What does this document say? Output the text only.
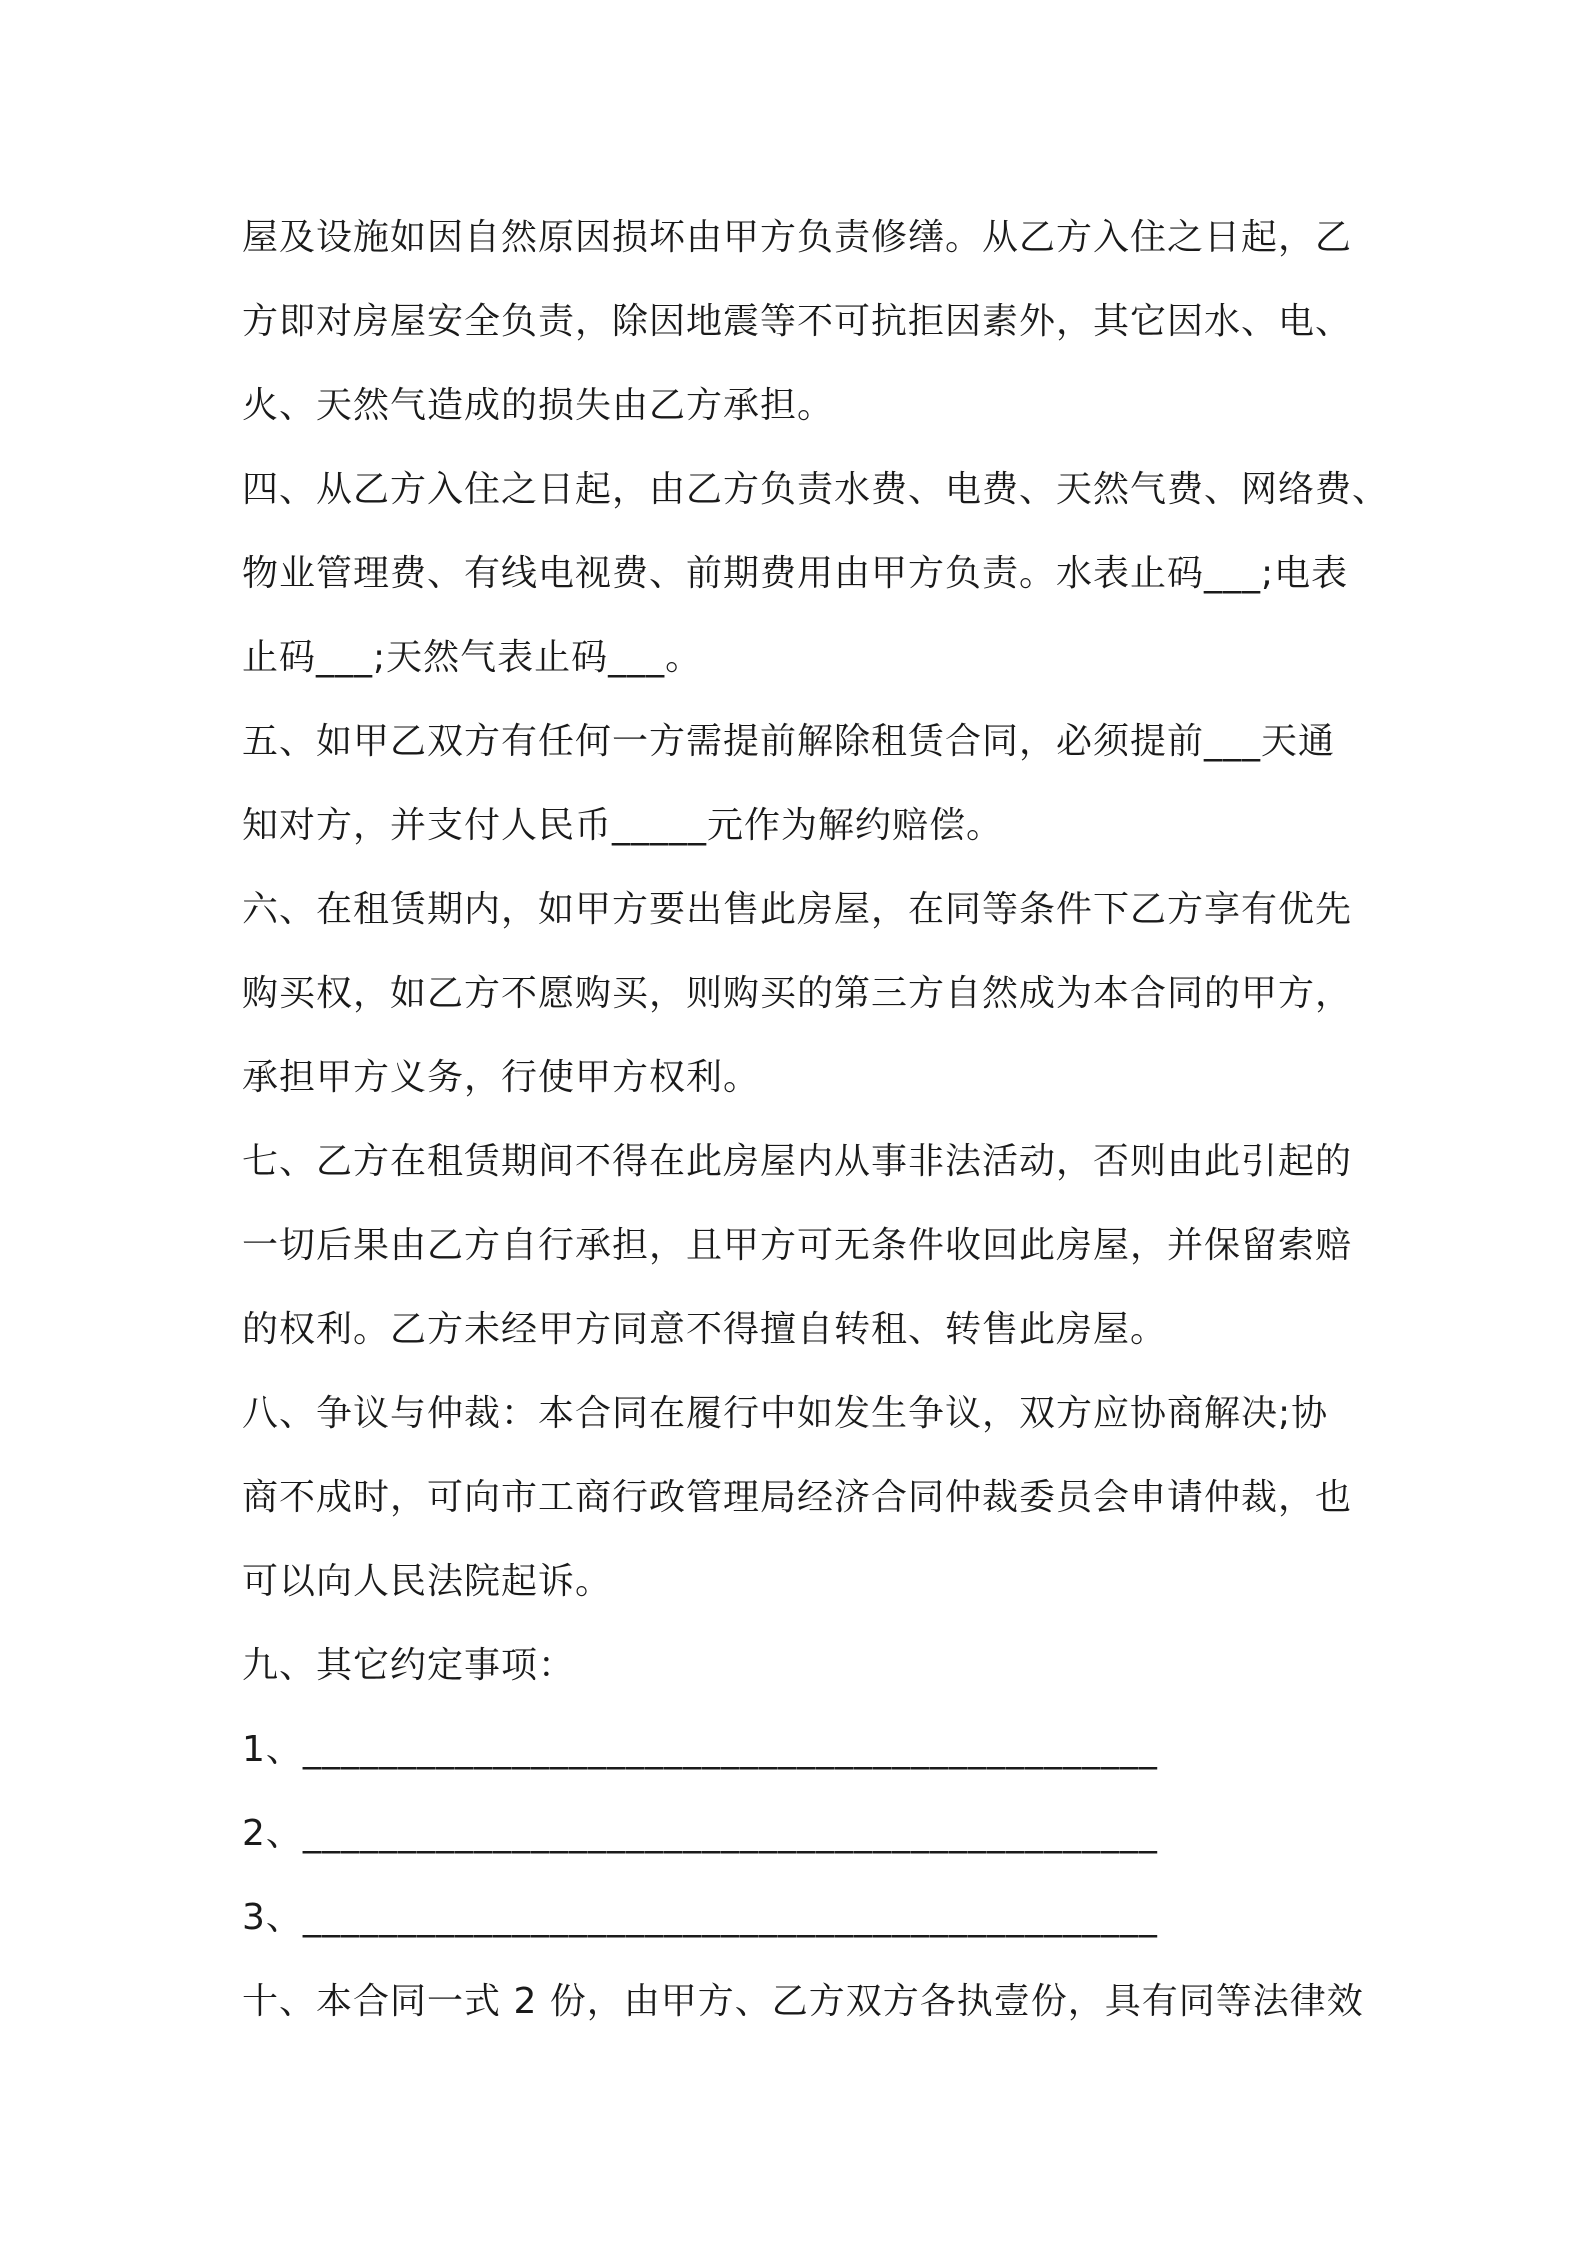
屋及设施如因自然原因损坏由甲方负责修缮。从乙方入住之日起，乙
方即对房屋安全负责，除因地震等不可抗拒因素外，其它因水、电、
火、天然气造成的损失由乙方承担。
四、从乙方入住之日起，由乙方负责水费、电费、天然气费、网络费、
物业管理费、有线电视费、前期费用由甲方负责。水表止码___;电表
止码___;天然气表止码___。
五、如甲乙双方有任何一方需提前解除租赁合同，必须提前___天通
知对方，并支付人民币_____元作为解约赔偿。
六、在租赁期内，如甲方要出售此房屋，在同等条件下乙方享有优先
购买权，如乙方不愿购买，则购买的第三方自然成为本合同的甲方，
承担甲方义务，行使甲方权利。
七、乙方在租赁期间不得在此房屋内从事非法活动，否则由此引起的
一切后果由乙方自行承担，且甲方可无条件收回此房屋，并保留索赔
的权利。乙方未经甲方同意不得擅自转租、转售此房屋。
八、争议与仲裁：本合同在履行中如发生争议，双方应协商解决;协
商不成时，可向市工商行政管理局经济合同仲裁委员会申请仲裁，也
可以向人民法院起诉。
九、其它约定事项：
1、_____________________________________________
2、_____________________________________________
3、_____________________________________________
十、本合同一式 2 份，由甲方、乙方双方各执壹份，具有同等法律效
